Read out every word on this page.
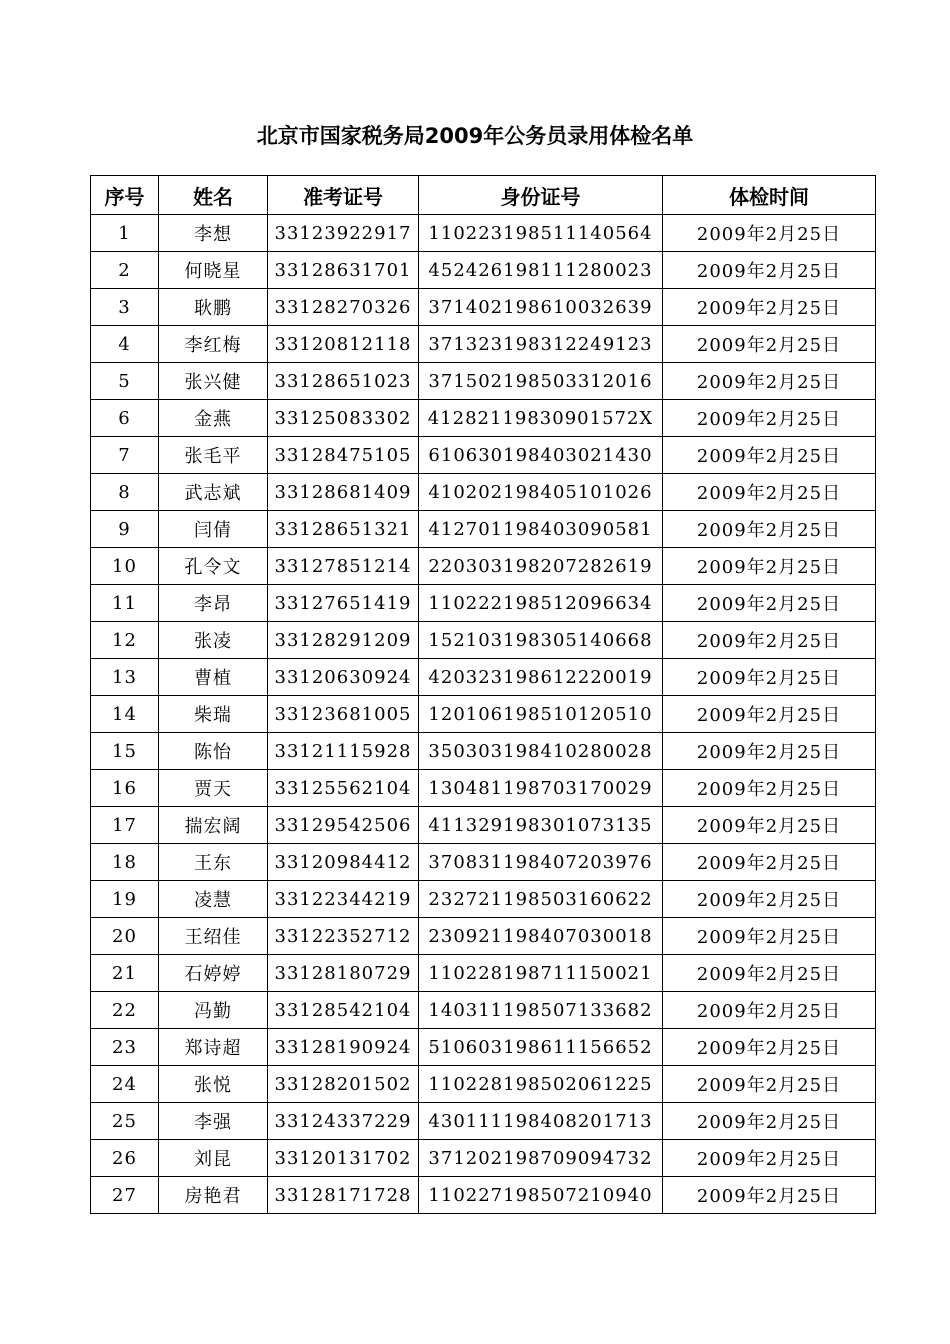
北京市国家税务局2009年公务员录用体检名单
序号	姓名	准考证号	身份证号	体检时间
1	李想	33123922917	110223198511140564	2009年2月25日
2	何晓星	33128631701	452426198111280023	2009年2月25日
3	耿鹏	33128270326	371402198610032639	2009年2月25日
4	李红梅	33120812118	371323198312249123	2009年2月25日
5	张兴健	33128651023	371502198503312016	2009年2月25日
6	金燕	33125083302	41282119830901572X	2009年2月25日
7	张毛平	33128475105	610630198403021430	2009年2月25日
8	武志斌	33128681409	410202198405101026	2009年2月25日
9	闫倩	33128651321	412701198403090581	2009年2月25日
10	孔令文	33127851214	220303198207282619	2009年2月25日
11	李昂	33127651419	110222198512096634	2009年2月25日
12	张凌	33128291209	152103198305140668	2009年2月25日
13	曹植	33120630924	420323198612220019	2009年2月25日
14	柴瑞	33123681005	120106198510120510	2009年2月25日
15	陈怡	33121115928	350303198410280028	2009年2月25日
16	贾天	33125562104	130481198703170029	2009年2月25日
17	揣宏阔	33129542506	411329198301073135	2009年2月25日
18	王东	33120984412	370831198407203976	2009年2月25日
19	凌慧	33122344219	232721198503160622	2009年2月25日
20	王绍佳	33122352712	230921198407030018	2009年2月25日
21	石婷婷	33128180729	110228198711150021	2009年2月25日
22	冯勤	33128542104	140311198507133682	2009年2月25日
23	郑诗超	33128190924	510603198611156652	2009年2月25日
24	张悦	33128201502	110228198502061225	2009年2月25日
25	李强	33124337229	430111198408201713	2009年2月25日
26	刘昆	33120131702	371202198709094732	2009年2月25日
27	房艳君	33128171728	110227198507210940	2009年2月25日
